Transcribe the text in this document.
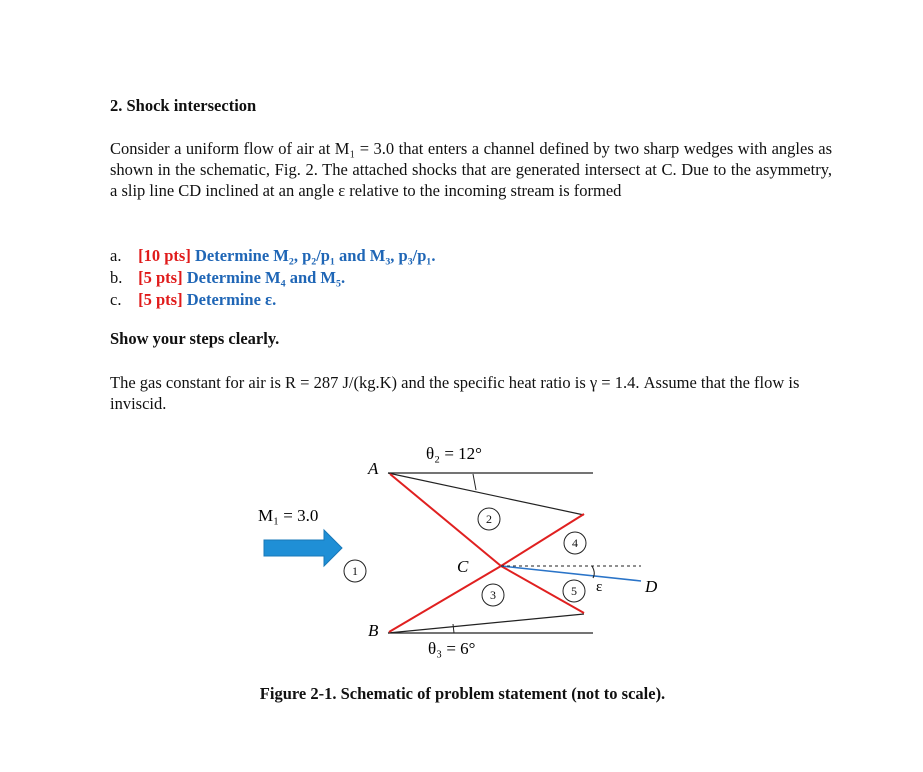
2. Shock intersection
Consider a uniform flow of air at M₁ = 3.0 that enters a channel defined by two sharp wedges with angles as shown in the schematic, Fig. 2. The attached shocks that are generated intersect at C. Due to the asymmetry, a slip line CD inclined at an angle ε relative to the incoming stream is formed
a. [10 pts] Determine M₂, p₂/p₁ and M₃, p₃/p₁.
b. [5 pts] Determine M₄ and M₅.
c. [5 pts] Determine ε.
Show your steps clearly.
The gas constant for air is R = 287 J/(kg.K) and the specific heat ratio is γ = 1.4. Assume that the flow is inviscid.
θ₂ = 12°
A
M₁ = 3.0
C
D
ε
B
θ₃ = 6°
1
2
3
4
5
Figure 2-1. Schematic of problem statement (not to scale).
